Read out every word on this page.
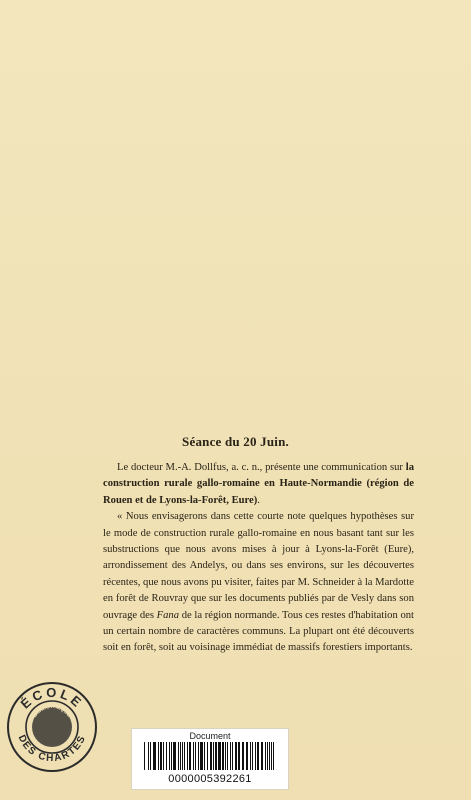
Séance du 20 Juin.

Le docteur M.-A. Dollfus, a. c. n., présente une communication sur la construction rurale gallo-romaine en Haute-Normandie (région de Rouen et de Lyons-la-Forêt, Eure).

« Nous envisagerons dans cette courte note quelques hypothèses sur le mode de construction rurale gallo-romaine en nous basant tant sur les substructions que nous avons mises à jour à Lyons-la-Forêt (Eure), arrondissement des Andelys, ou dans ses environs, sur les découvertes récentes, que nous avons pu visiter, faites par M. Schneider à la Mardotte en forêt de Rouvray que sur les documents publiés par de Vesly dans son ouvrage des Fana de la région normande. Tous ces restes d'habitation ont un certain nombre de caractères communs. La plupart ont été découverts soit en forêt, soit au voisinage immédiat de massifs forestiers importants.

ÉCOLE
DES CHARTES
BIBLIOTHÈQUE
Document
0000005392261
